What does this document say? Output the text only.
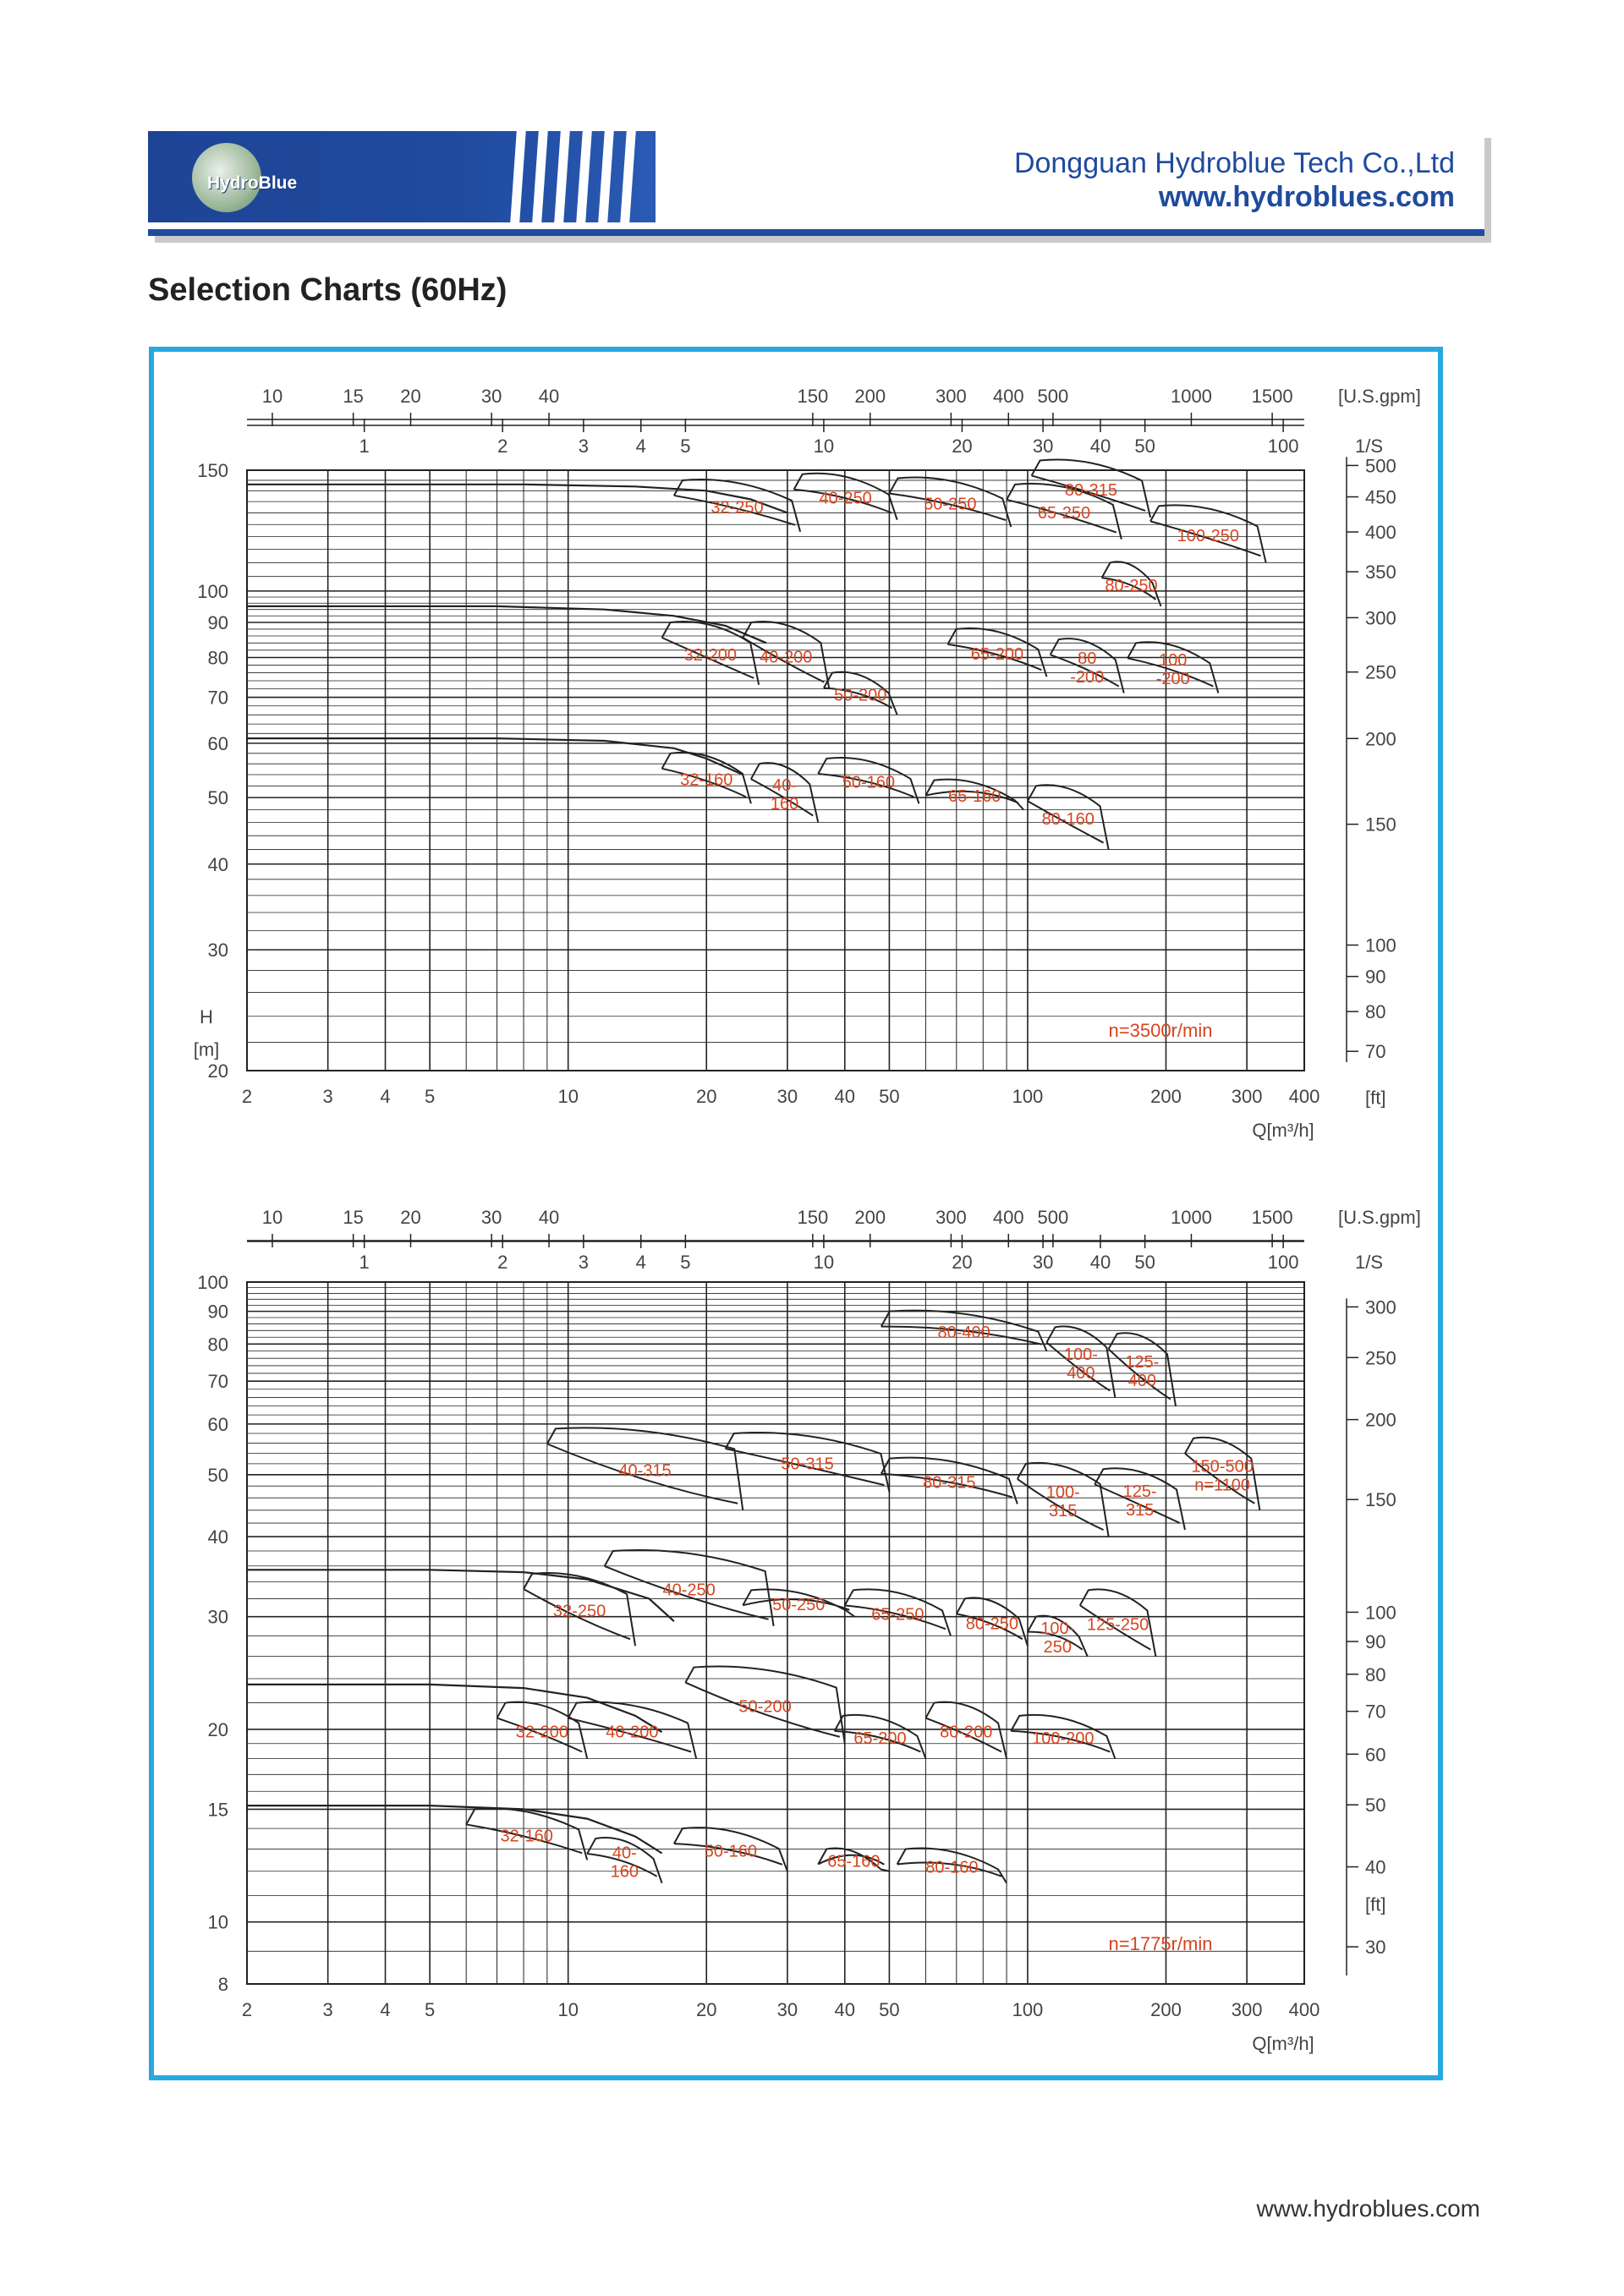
HydroBlue
Dongguan Hydroblue Tech Co.,Ltd
www.hydroblues.com
Selection Charts (60Hz)
2	3	4 5	10	20	30 40 50	100	200	300 400
Q[m³/h]
20
30
40
50
60
70
80
90
100
150
H
[m]	70
80
90
100
150
200
250
300
350
400
450
500
[ft]
10	15 20	30 40	150 200	300 400 500	1000 1500 [U.S.gpm]
1	2	3	4 5	10	20	30 40 50	100	1/S
32-250	40-250	50-250	65-250
80-315
100-250
80-250
32-200 40-200
50-200
65-200	80
-200
100
-200
32-160 40-
160
50-160
65-160
80-160
n=3500r/min
2	3	4 5	10	20	30 40 50	100	200	300 400
Q[m³/h]
8
10
15
20
30
40
50
60
70
80
90
100
30
40
50
60
70
80
90
100
150
200
250
300
[ft]
10	15 20	30 40	150 200	300 400 500	1000 1500 [U.S.gpm]
1	2	3	4 5	10	20	30 40 50	100	1/S
80-400
100-
400
125-
400
40-315	50-315
80-315
100-
315
125-
315
150-500
n=1100
32-250
40-250
50-250
65-250
80-250 100-
250
125-250
32-200 40-200
50-200
65-200 80-200 100-200
32-160
40-
160
50-160
65-160	80-160
n=1775r/min
www.hydroblues.com
